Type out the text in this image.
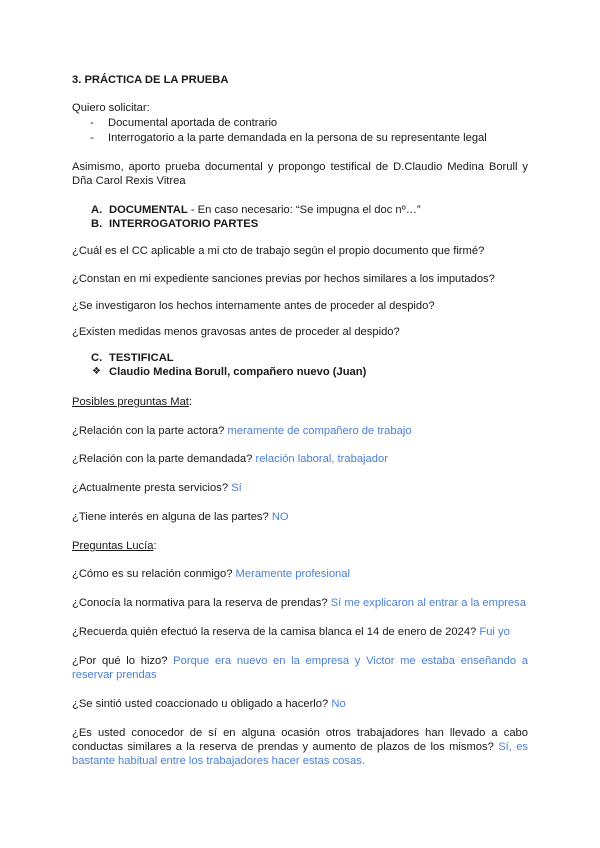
3. PRÁCTICA DE LA PRUEBA
Quiero solicitar:
- Documental aportada de contrario
- Interrogatorio a la parte demandada en la persona de su representante legal
Asimismo, aporto prueba documental y propongo testifical de D.Claudio Medina Borull y
Dña Carol Rexis Vitrea
A. DOCUMENTAL - En caso necesario: “Se impugna el doc nº…”
B. INTERROGATORIO PARTES
¿Cuál es el CC aplicable a mi cto de trabajo según el propio documento que firmé?
¿Constan en mi expediente sanciones previas por hechos similares a los imputados?
¿Se investigaron los hechos internamente antes de proceder al despido?
¿Existen medidas menos gravosas antes de proceder al despido?
C. TESTIFICAL
❖ Claudio Medina Borull, compañero nuevo (Juan)
Posibles preguntas Mat:
¿Relación con la parte actora? meramente de compañero de trabajo
¿Relación con la parte demandada? relación laboral, trabajador
¿Actualmente presta servicios? Sí
¿Tiene interés en alguna de las partes? NO
Preguntas Lucía:
¿Cómo es su relación conmigo? Meramente profesional
¿Conocía la normativa para la reserva de prendas? Sí me explicaron al entrar a la empresa
¿Recuerda quién efectuó la reserva de la camisa blanca el 14 de enero de 2024? Fui yo
¿Por qué lo hizo? Porque era nuevo en la empresa y Victor me estaba enseñando a
reservar prendas
¿Se sintió usted coaccionado u obligado a hacerlo? No
¿Es usted conocedor de sí en alguna ocasión otros trabajadores han llevado a cabo
conductas similares a la reserva de prendas y aumento de plazos de los mismos? Sí, es
bastante habitual entre los trabajadores hacer estas cosas.
